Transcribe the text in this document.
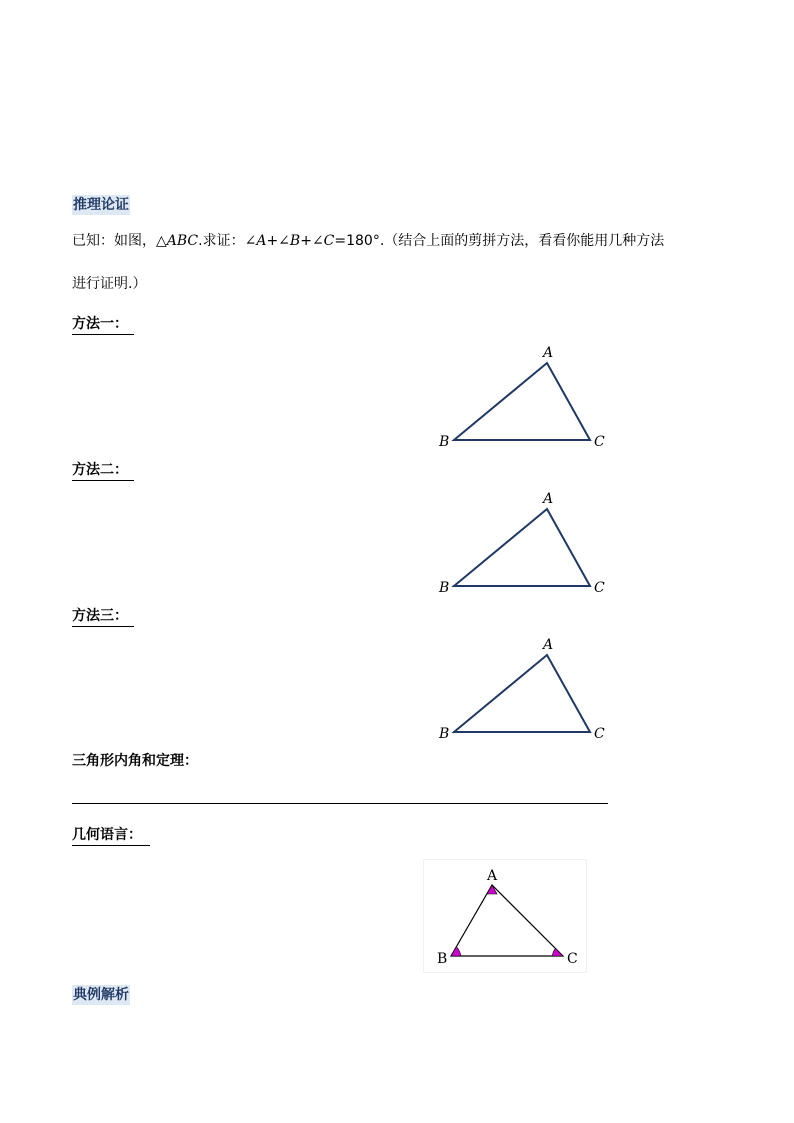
推理论证
已知：如图，△ABC.求证：∠A+∠B+∠C=180°.（结合上面的剪拼方法，看看你能用几种方法
进行证明.）
方法一：
A
B	C
方法二：
A
B	C
方法三：
A
B	C
三角形内角和定理：
几何语言：
A
B	C
典例解析
